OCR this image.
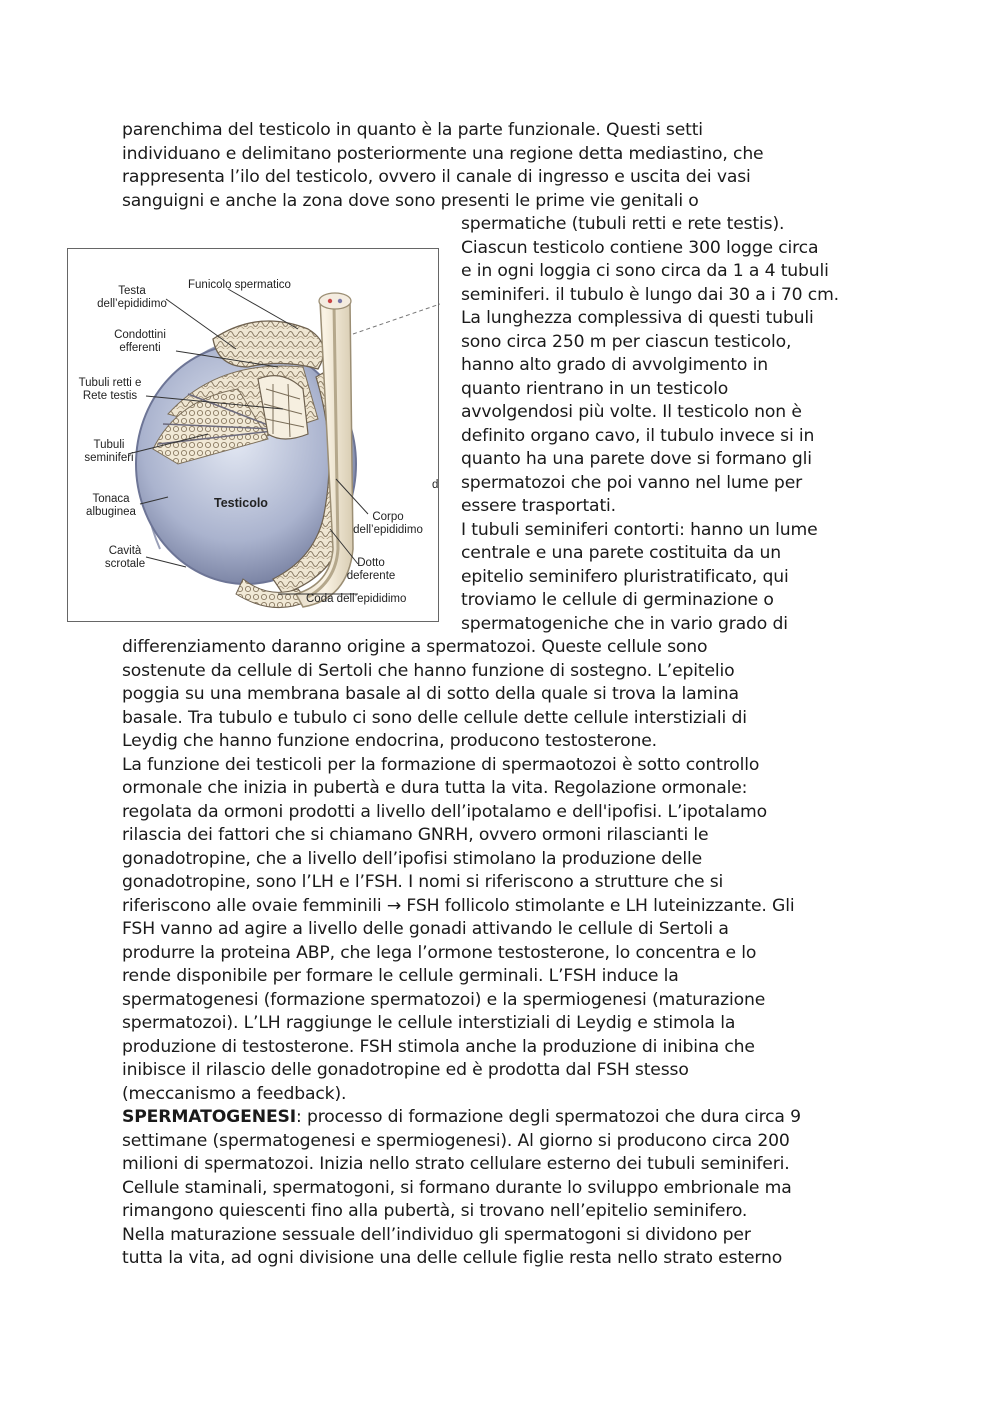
parenchima del testicolo in quanto è la parte funzionale. Questi setti
individuano e delimitano posteriormente una regione detta mediastino, che
rappresenta l’ilo del testicolo, ovvero il canale di ingresso e uscita dei vasi
sanguigni e anche la zona dove sono presenti le prime vie genitali o
Testa
dell’epididimo
Funicolo spermatico
Condottini
efferenti
Tubuli retti e
Rete testis
Tubuli
seminiferi
Tonaca
albuginea
Testicolo
Corpo
dell’epididimo
Cavità
scrotale	Dotto
deferente
Coda dell’epididimo
d
spermatiche (tubuli retti e rete testis).
Ciascun testicolo contiene 300 logge circa
e in ogni loggia ci sono circa da 1 a 4 tubuli
seminiferi. il tubulo è lungo dai 30 a i 70 cm.
La lunghezza complessiva di questi tubuli
sono circa 250 m per ciascun testicolo,
hanno alto grado di avvolgimento in
quanto rientrano in un testicolo
avvolgendosi più volte. Il testicolo non è
definito organo cavo, il tubulo invece si in
quanto ha una parete dove si formano gli
spermatozoi che poi vanno nel lume per
essere trasportati.
I tubuli seminiferi contorti: hanno un lume
centrale e una parete costituita da un
epitelio seminifero pluristratificato, qui
troviamo le cellule di germinazione o
spermatogeniche che in vario grado di
differenziamento daranno origine a spermatozoi. Queste cellule sono
sostenute da cellule di Sertoli che hanno funzione di sostegno. L’epitelio
poggia su una membrana basale al di sotto della quale si trova la lamina
basale. Tra tubulo e tubulo ci sono delle cellule dette cellule interstiziali di
Leydig che hanno funzione endocrina, producono testosterone.
La funzione dei testicoli per la formazione di spermaotozoi è sotto controllo
ormonale che inizia in pubertà e dura tutta la vita. Regolazione ormonale:
regolata da ormoni prodotti a livello dell’ipotalamo e dell'ipofisi. L’ipotalamo
rilascia dei fattori che si chiamano GNRH, ovvero ormoni rilascianti le
gonadotropine, che a livello dell’ipofisi stimolano la produzione delle
gonadotropine, sono l’LH e l’FSH. I nomi si riferiscono a strutture che si
riferiscono alle ovaie femminili → FSH follicolo stimolante e LH luteinizzante. Gli
FSH vanno ad agire a livello delle gonadi attivando le cellule di Sertoli a
produrre la proteina ABP, che lega l’ormone testosterone, lo concentra e lo
rende disponibile per formare le cellule germinali. L’FSH induce la
spermatogenesi (formazione spermatozoi) e la spermiogenesi (maturazione
spermatozoi). L’LH raggiunge le cellule interstiziali di Leydig e stimola la
produzione di testosterone. FSH stimola anche la produzione di inibina che
inibisce il rilascio delle gonadotropine ed è prodotta dal FSH stesso
(meccanismo a feedback).
SPERMATOGENESI: processo di formazione degli spermatozoi che dura circa 9
settimane (spermatogenesi e spermiogenesi). Al giorno si producono circa 200
milioni di spermatozoi. Inizia nello strato cellulare esterno dei tubuli seminiferi.
Cellule staminali, spermatogoni, si formano durante lo sviluppo embrionale ma
rimangono quiescenti fino alla pubertà, si trovano nell’epitelio seminifero.
Nella maturazione sessuale dell’individuo gli spermatogoni si dividono per
tutta la vita, ad ogni divisione una delle cellule figlie resta nello strato esterno
